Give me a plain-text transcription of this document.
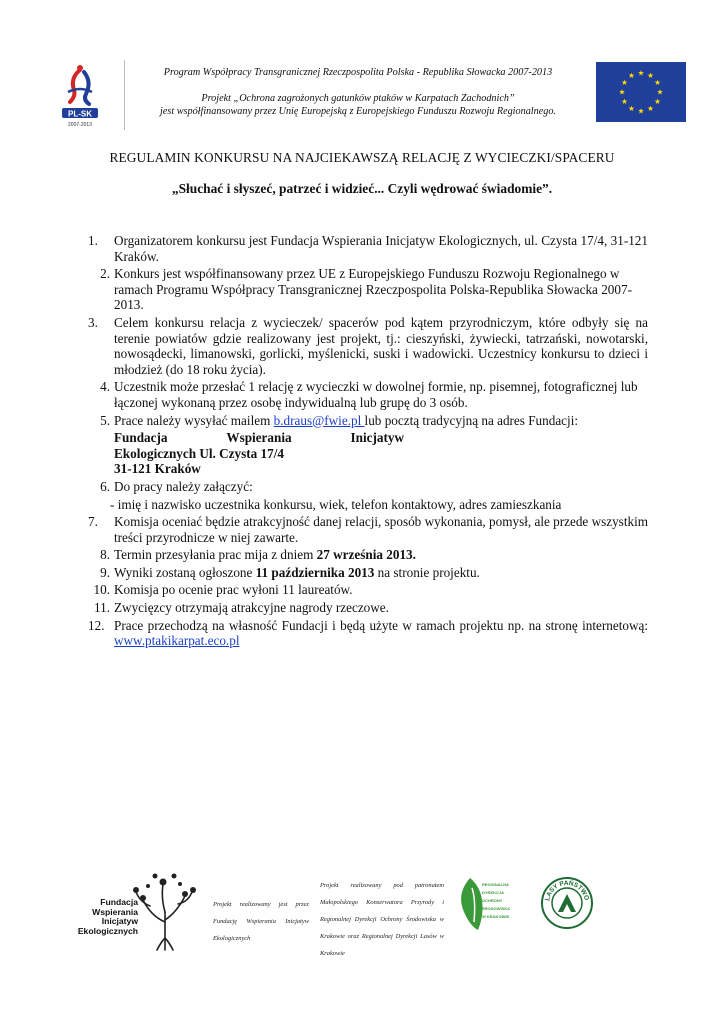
PL-SK
2007-2013
Program Współpracy Transgranicznej Rzeczpospolita Polska - Republika Słowacka 2007-2013
Projekt „Ochrona zagrożonych gatunków ptaków w Karpatach Zachodnich”
jest współfinansowany przez Unię Europejską z Europejskiego Funduszu Rozwoju Regionalnego.
★
★
★
★
★
★
★
★
★ ★ ★
★
REGULAMIN KONKURSU NA NAJCIEKAWSZĄ RELACJĘ Z WYCIECZKI/SPACERU
„Słuchać i słyszeć, patrzeć i widzieć... Czyli wędrować świadomie”.
1.	Organizatorem konkursu jest Fundacja Wspierania Inicjatyw Ekologicznych, ul. Czysta 17/4, 31-121 Kraków.
2. Konkurs jest współfinansowany przez UE z Europejskiego Funduszu Rozwoju Regionalnego w ramach Programu Współpracy Transgranicznej Rzeczpospolita Polska-Republika Słowacka 2007-2013.
3.	Celem konkursu relacja z wycieczek/ spacerów pod kątem przyrodniczym, które odbyły się na terenie powiatów gdzie realizowany jest projekt, tj.: cieszyński, żywiecki, tatrzański, nowotarski, nowosądecki, limanowski, gorlicki, myślenicki, suski i wadowicki. Uczestnicy konkursu to dzieci i młodzież (do 18 roku życia).
4. Uczestnik może przesłać 1 relację z wycieczki w dowolnej formie, np. pisemnej, fotograficznej lub łączonej wykonaną przez osobę indywidualną lub grupę do 3 osób.
5. Prace należy wysyłać mailem b.draus@fwie.pl lub pocztą tradycyjną na adres Fundacji:
Fundacja	Wspierania	Inicjatyw
Ekologicznych Ul. Czysta 17/4
31-121 Kraków
6. Do pracy należy załączyć:
- imię i nazwisko uczestnika konkursu, wiek, telefon kontaktowy, adres zamieszkania
7.	Komisja oceniać będzie atrakcyjność danej relacji, sposób wykonania, pomysł, ale przede wszystkim treści przyrodnicze w niej zawarte.
8. Termin przesyłania prac mija z dniem 27 września 2013.
9. Wyniki zostaną ogłoszone 11 października 2013 na stronie projektu.
10. Komisja po ocenie prac wyłoni 11 laureatów.
11. Zwycięzcy otrzymają atrakcyjne nagrody rzeczowe.
12. Prace przechodzą na własność Fundacji i będą użyte w ramach projektu np. na stronę internetową: www.ptakikarpat.eco.pl
Fundacja
Wspierania
Inicjatyw
Ekologicznych
Projekt realizowany jest przez Fundację Wspierania Inicjatyw Ekologicznych
Projekt realizowany pod patronatem Małopolskiego Konserwatora Przyrody i Regionalnej Dyrekcji Ochrony Środowiska w Krakowie oraz Regionalnej Dyrekcji Lasów w Krakowie
REGIONALNA
DYREKCJA
OCHRONY
ŚRODOWISKA
W KRAKOWIE
LASY PAŃSTWO
